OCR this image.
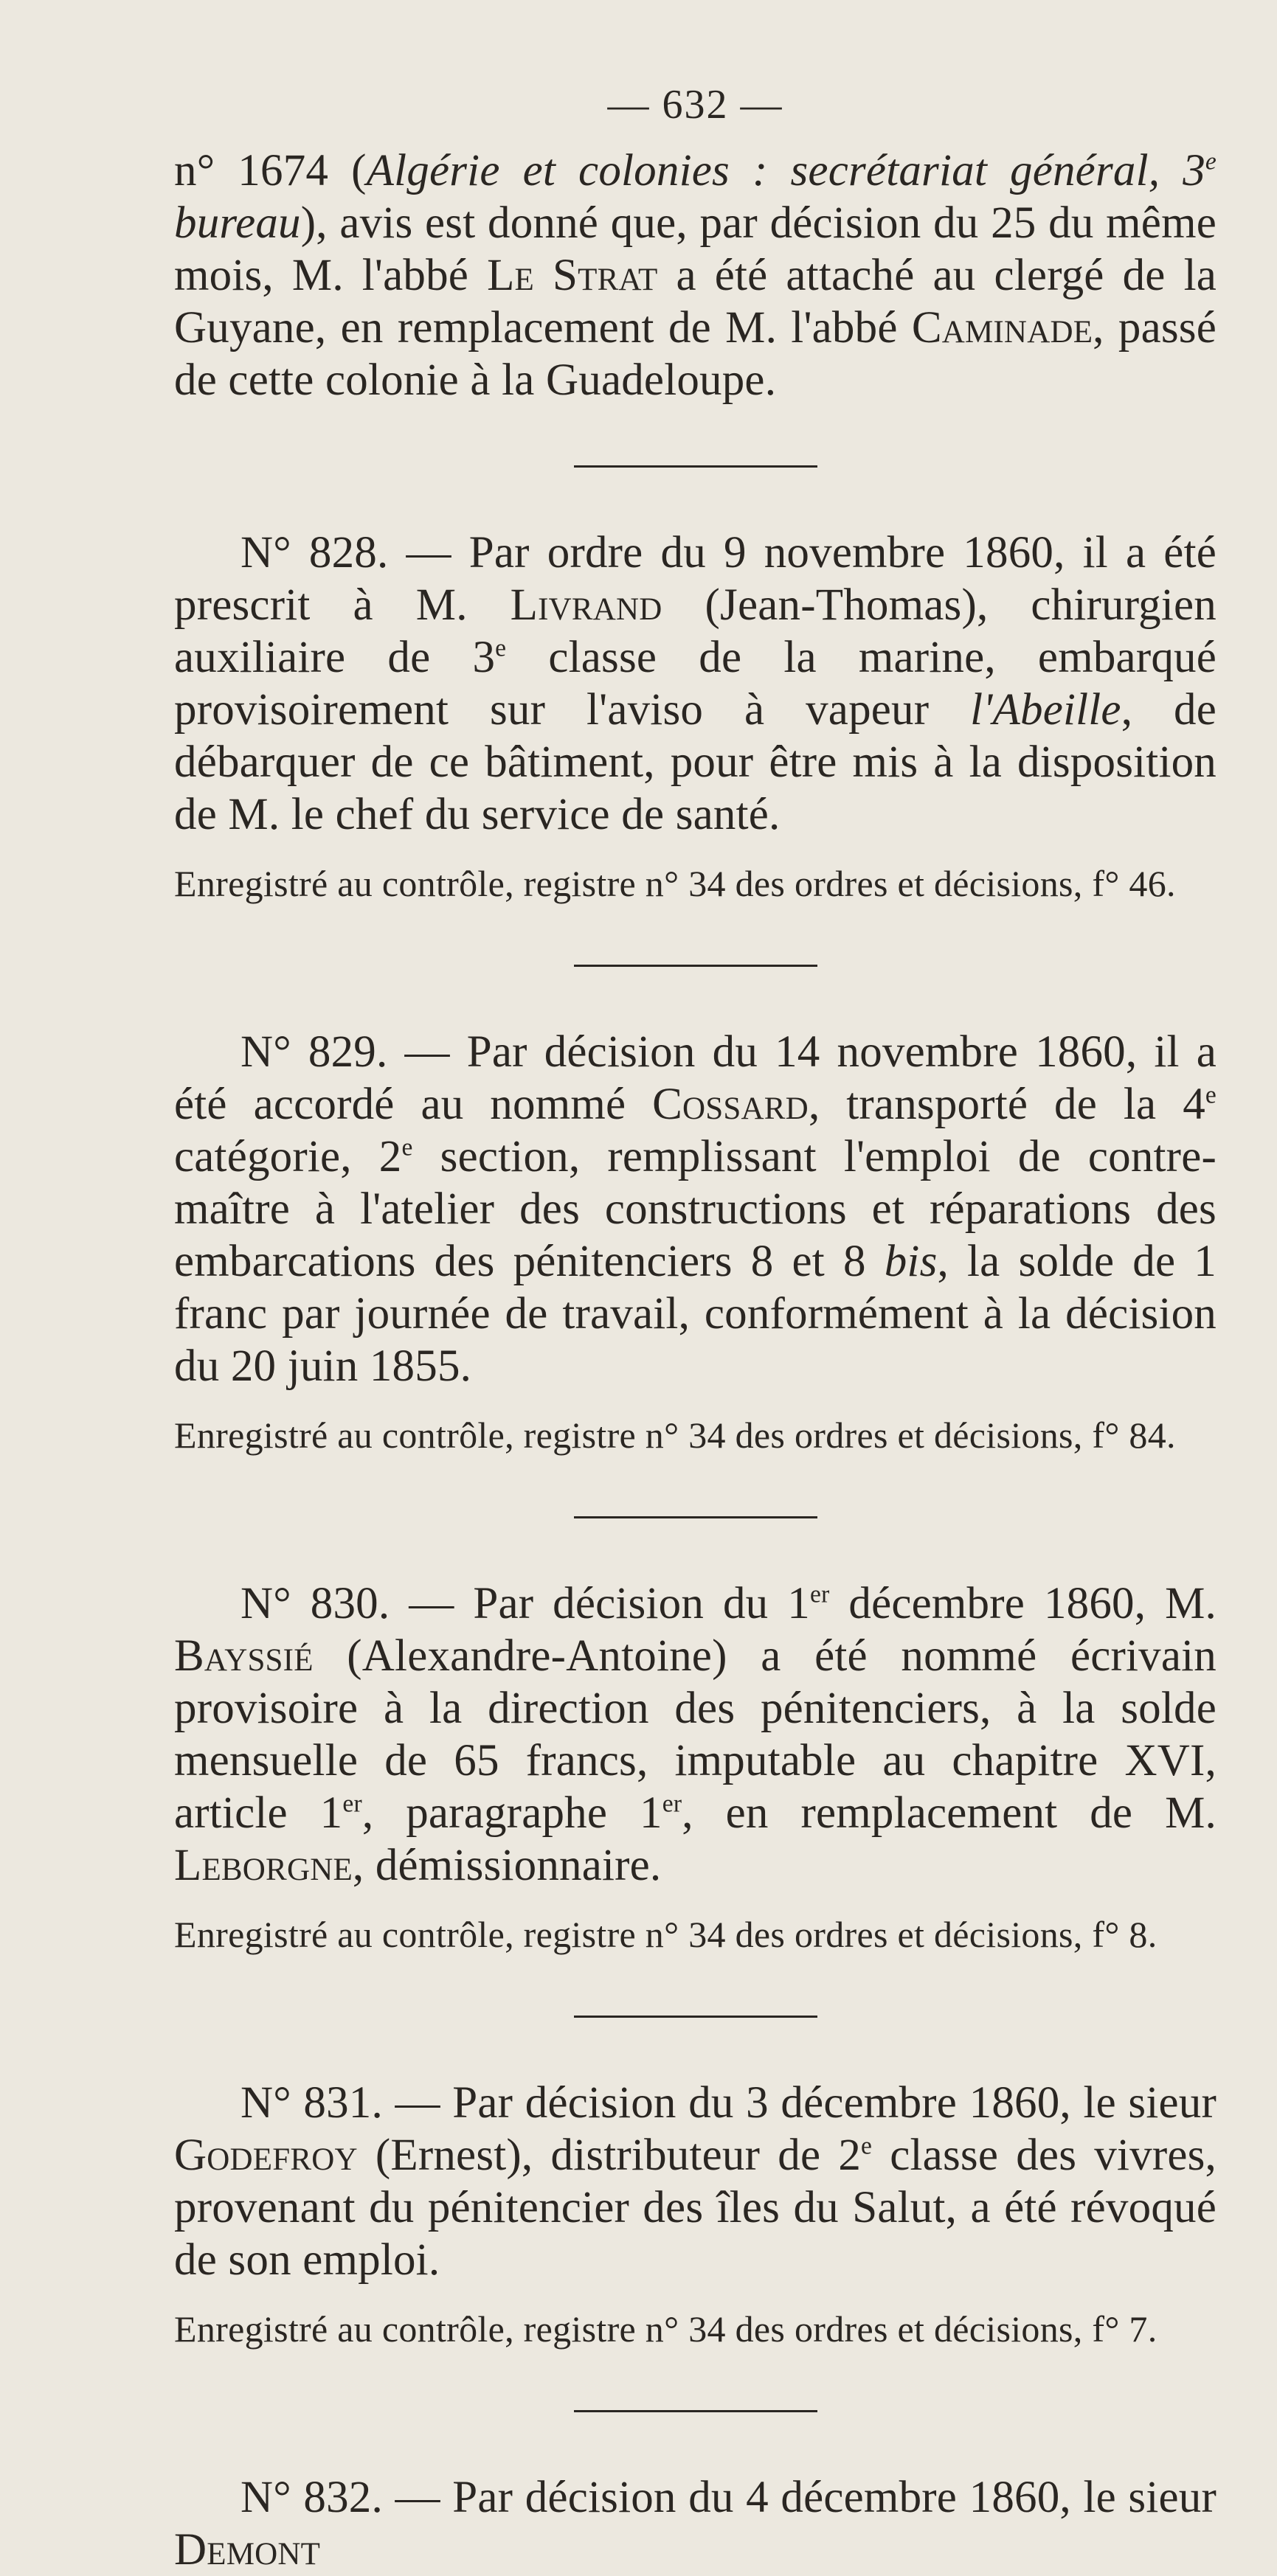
— 632 —

n° 1674 (Algérie et colonies : secrétariat général, 3e bureau), avis est donné que, par décision du 25 du même mois, M. l'abbé Le Strat a été attaché au clergé de la Guyane, en remplacement de M. l'abbé Caminade, passé de cette colonie à la Guadeloupe.

N° 828. — Par ordre du 9 novembre 1860, il a été prescrit à M. Livrand (Jean-Thomas), chirurgien auxiliaire de 3e classe de la marine, embarqué provisoirement sur l'aviso à vapeur l'Abeille, de débarquer de ce bâtiment, pour être mis à la disposition de M. le chef du service de santé.

Enregistré au contrôle, registre n° 34 des ordres et décisions, f° 46.

N° 829. — Par décision du 14 novembre 1860, il a été accordé au nommé Cossard, transporté de la 4e catégorie, 2e section, remplissant l'emploi de contre-maître à l'atelier des constructions et réparations des embarcations des pénitenciers 8 et 8 bis, la solde de 1 franc par journée de travail, conformément à la décision du 20 juin 1855.

Enregistré au contrôle, registre n° 34 des ordres et décisions, f° 84.

N° 830. — Par décision du 1er décembre 1860, M. Bayssié (Alexandre-Antoine) a été nommé écrivain provisoire à la direction des pénitenciers, à la solde mensuelle de 65 francs, imputable au chapitre XVI, article 1er, paragraphe 1er, en remplacement de M. Leborgne, démissionnaire.

Enregistré au contrôle, registre n° 34 des ordres et décisions, f° 8.

N° 831. — Par décision du 3 décembre 1860, le sieur Godefroy (Ernest), distributeur de 2e classe des vivres, provenant du pénitencier des îles du Salut, a été révoqué de son emploi.

Enregistré au contrôle, registre n° 34 des ordres et décisions, f° 7.

N° 832. — Par décision du 4 décembre 1860, le sieur Demont
